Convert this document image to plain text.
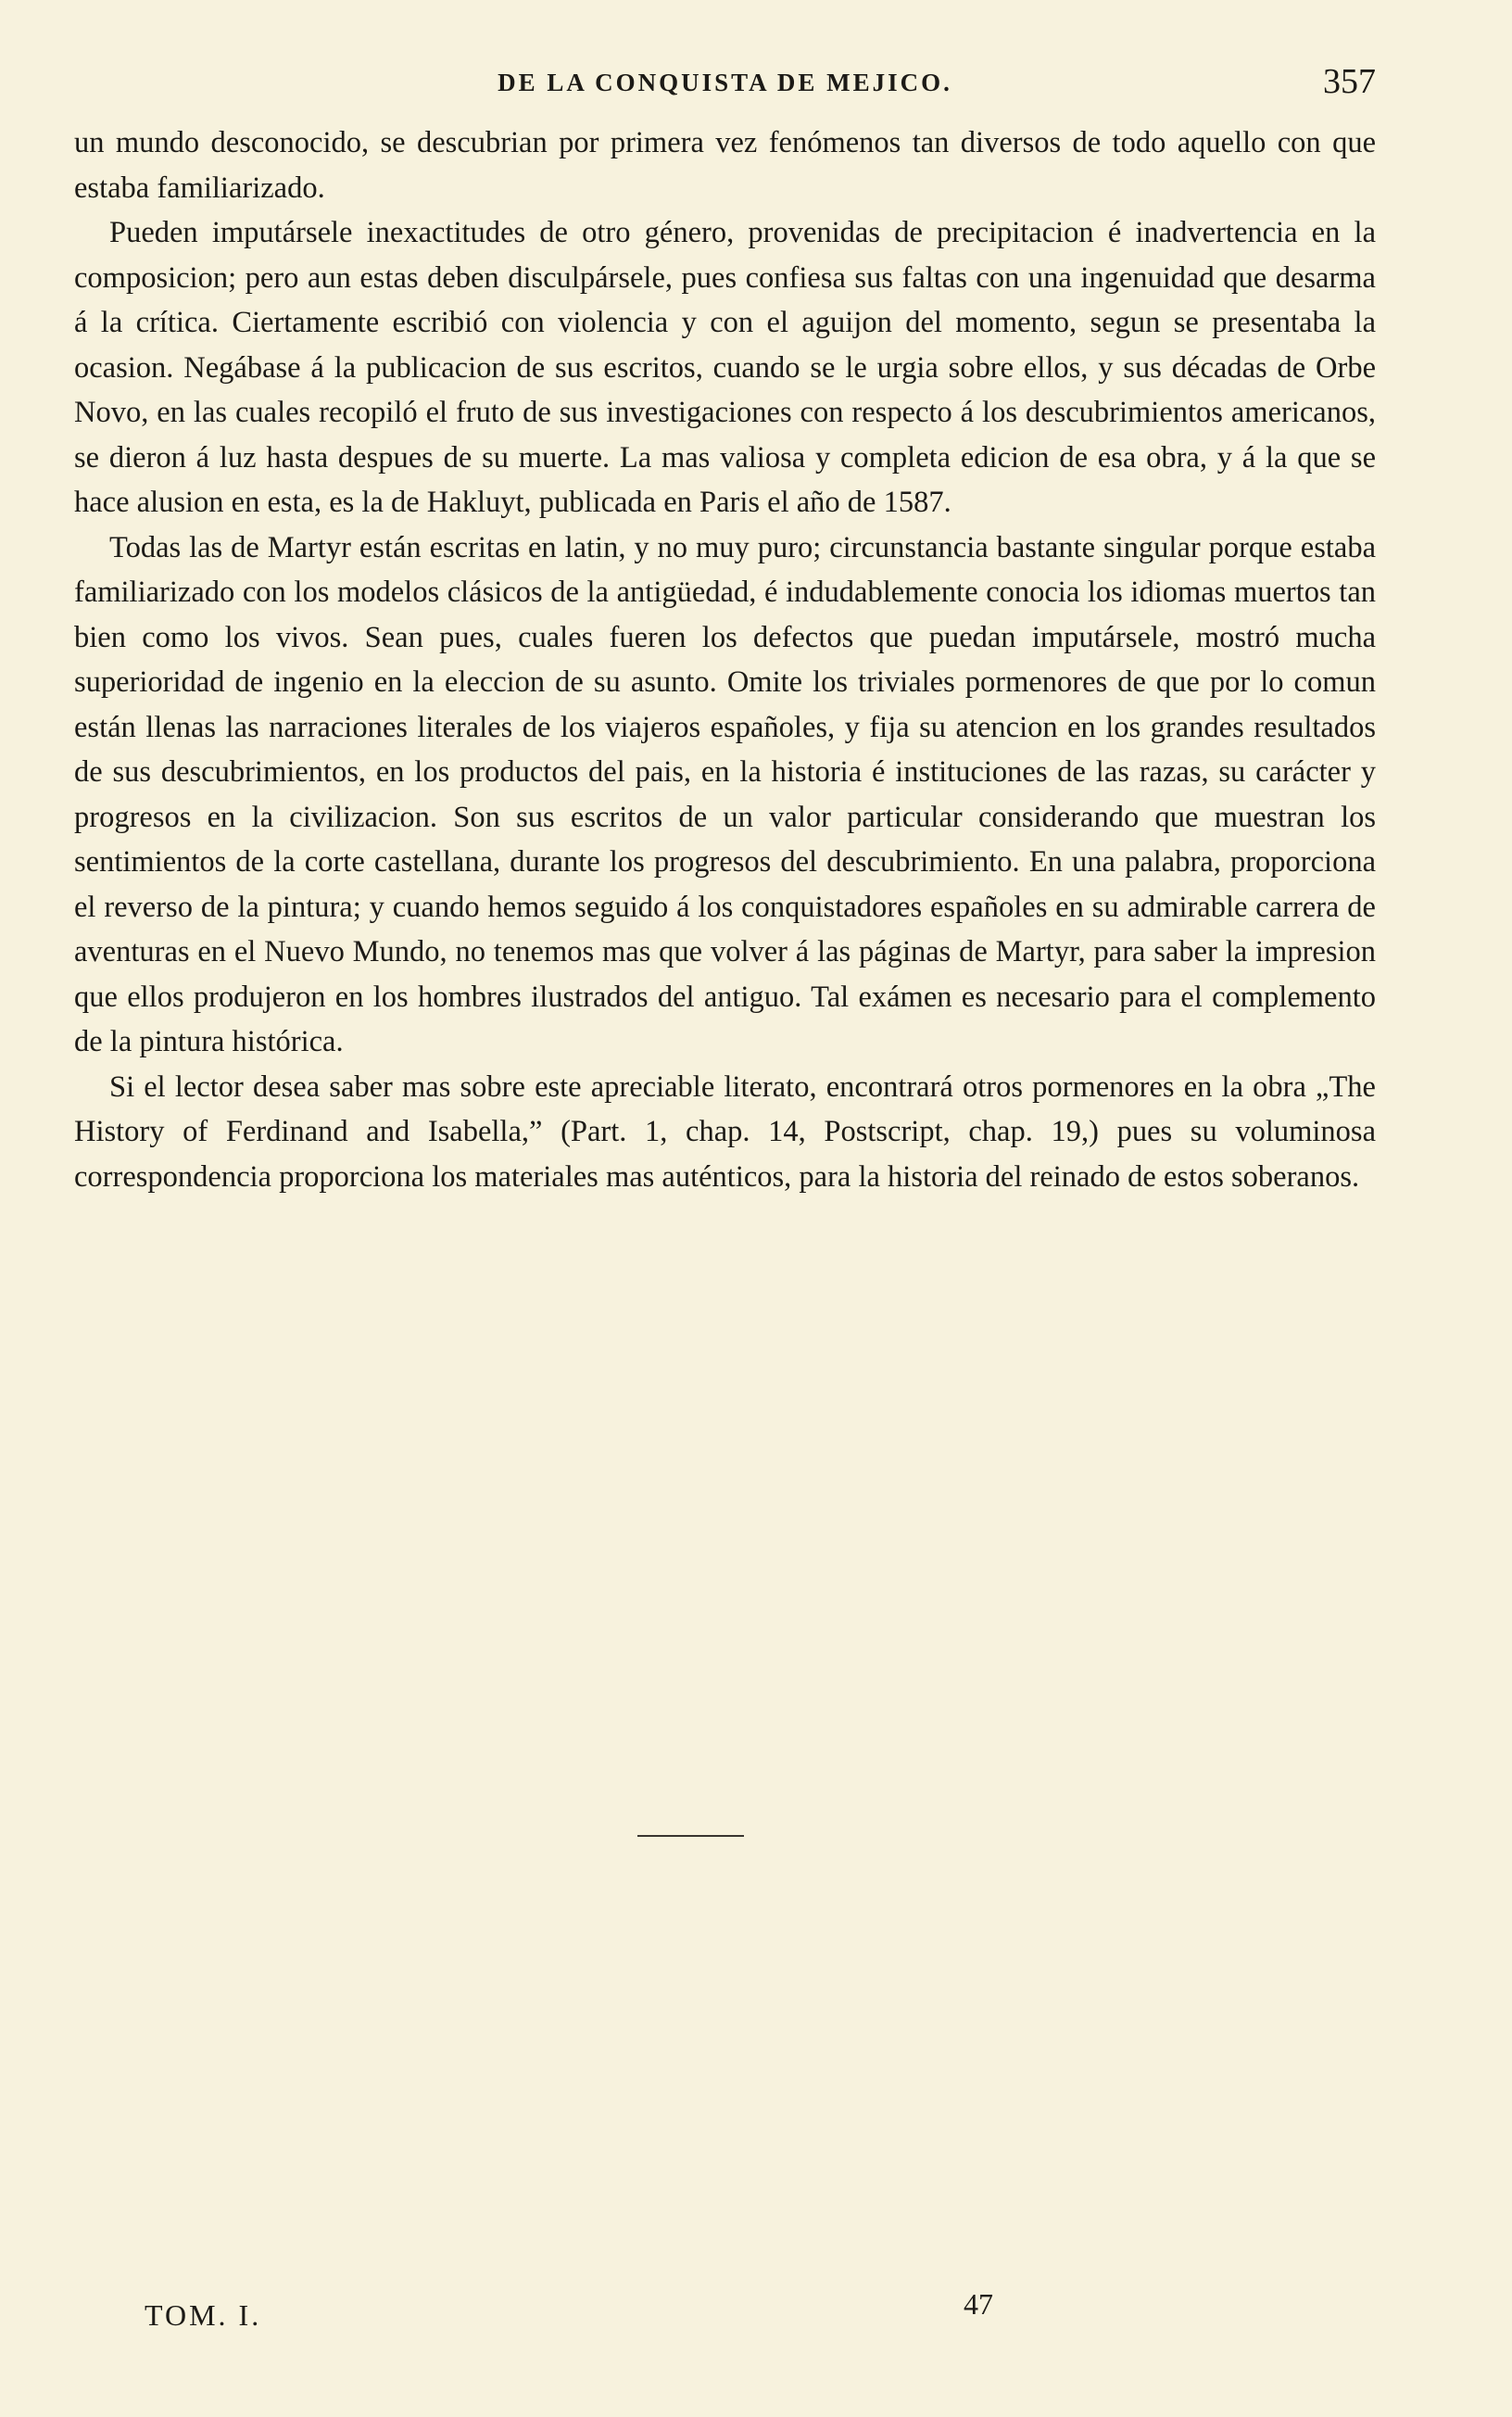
DE LA CONQUISTA DE MEJICO.	357

un mundo desconocido, se descubrian por primera vez fenómenos tan diversos de todo aquello con que estaba familiarizado.

Pueden imputársele inexactitudes de otro género, provenidas de precipitacion é inadvertencia en la composicion; pero aun estas deben disculpársele, pues confiesa sus faltas con una ingenuidad que desarma á la crítica. Ciertamente escribió con violencia y con el aguijon del momento, segun se presentaba la ocasion. Negábase á la publicacion de sus escritos, cuando se le urgia sobre ellos, y sus décadas de Orbe Novo, en las cuales recopiló el fruto de sus investigaciones con respecto á los descubrimientos americanos, se dieron á luz hasta despues de su muerte. La mas valiosa y completa edicion de esa obra, y á la que se hace alusion en esta, es la de Hakluyt, publicada en Paris el año de 1587.

Todas las de Martyr están escritas en latin, y no muy puro; circunstancia bastante singular porque estaba familiarizado con los modelos clásicos de la antigüedad, é indudablemente conocia los idiomas muertos tan bien como los vivos. Sean pues, cuales fueren los defectos que puedan imputársele, mostró mucha superioridad de ingenio en la eleccion de su asunto. Omite los triviales pormenores de que por lo comun están llenas las narraciones literales de los viajeros españoles, y fija su atencion en los grandes resultados de sus descubrimientos, en los productos del pais, en la historia é instituciones de las razas, su carácter y progresos en la civilizacion. Son sus escritos de un valor particular considerando que muestran los sentimientos de la corte castellana, durante los progresos del descubrimiento. En una palabra, proporciona el reverso de la pintura; y cuando hemos seguido á los conquistadores españoles en su admirable carrera de aventuras en el Nuevo Mundo, no tenemos mas que volver á las páginas de Martyr, para saber la impresion que ellos produjeron en los hombres ilustrados del antiguo. Tal exámen es necesario para el complemento de la pintura histórica.

Si el lector desea saber mas sobre este apreciable literato, encontrará otros pormenores en la obra „The History of Ferdinand and Isabella,” (Part. 1, chap. 14, Postscript, chap. 19,) pues su voluminosa correspondencia proporciona los materiales mas auténticos, para la historia del reinado de estos soberanos.

TOM. I.	47
